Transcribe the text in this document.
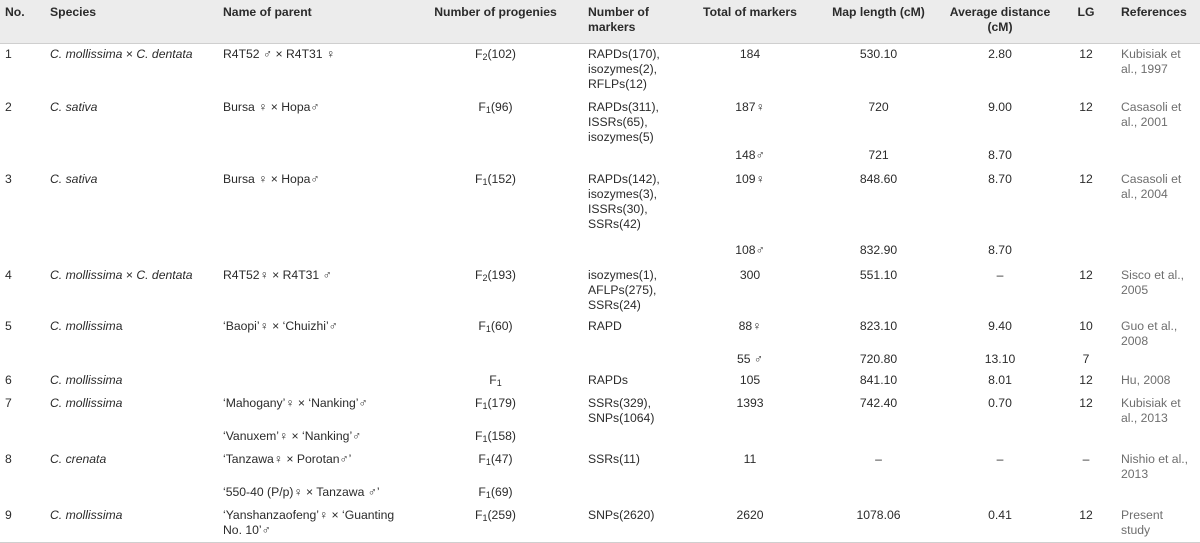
No.	Species	Name of parent	Number of progenies	Number of markers	Total of markers	Map length (cM)	Average distance (cM)	LG	References
1	C. mollissima × C. dentata	R4T52 ♂ × R4T31 ♀	$F_2(102)$	RAPDs(170), isozymes(2), RFLPs(12)	184	530.10	2.80	12	Kubisiak et al., 1997
2	C. sativa	Bursa ♀ × Hopa♂	$F_1(96)$	RAPDs(311), ISSRs(65), isozymes(5)	187♀	720	9.00	12	Casasoli et al., 2001
					148♂	721	8.70		
3	C. sativa	Bursa ♀ × Hopa♂	$F_1(152)$	RAPDs(142), isozymes(3), ISSRs(30), SSRs(42)	109♀	848.60	8.70	12	Casasoli et al., 2004
					108♂	832.90	8.70		
4	C. mollissima × C. dentata	R4T52♀ × R4T31 ♂	$F_2(193)$	isozymes(1), AFLPs(275), SSRs(24)	300	551.10	–	12	Sisco et al., 2005
5	C. mollissima	‘Baopi’♀ × ‘Chuizhi’♂	$F_1(60)$	RAPD	88♀	823.10	9.40	10	Guo et al., 2008
					55 ♂	720.80	13.10	7	
6	C. mollissima		$F_1$	RAPDs	105	841.10	8.01	12	Hu, 2008
7	C. mollissima	‘Mahogany’♀ × ‘Nanking’♂	$F_1(179)$	SSRs(329), SNPs(1064)	1393	742.40	0.70	12	Kubisiak et al., 2013
		‘Vanuxem’♀ × ‘Nanking’♂	$F_1(158)$						
8	C. crenata	‘Tanzawa♀ × Porotan♂’	$F_1(47)$	SSRs(11)	11	–	–	–	Nishio et al., 2013
		‘550-40 (P/p)♀ × Tanzawa ♂’	$F_1(69)$						
9	C. mollissima	‘Yanshanzaofeng’♀ × ‘Guanting No. 10’♂	$F_1(259)$	SNPs(2620)	2620	1078.06	0.41	12	Present study
